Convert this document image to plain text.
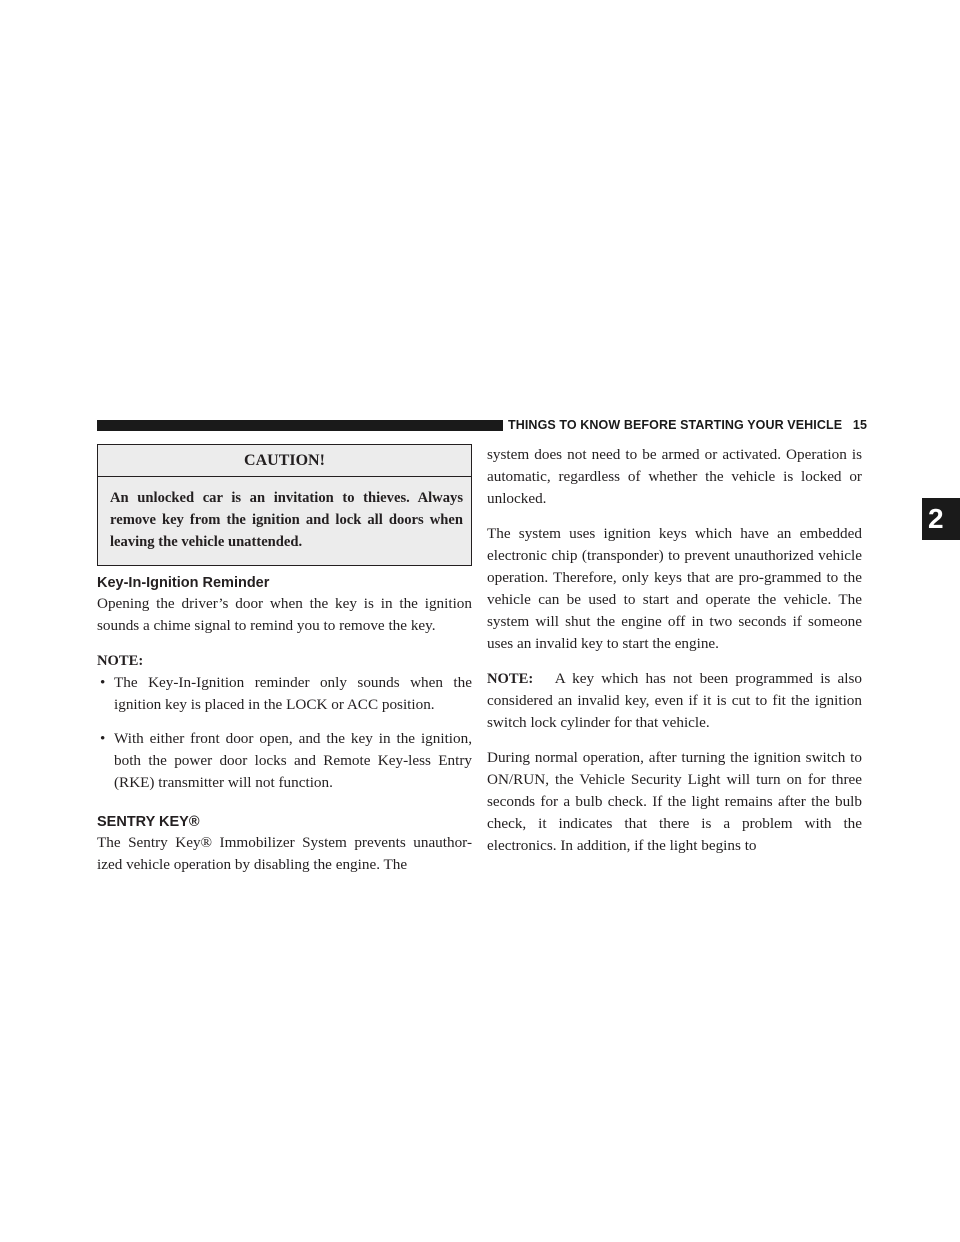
THINGS TO KNOW BEFORE STARTING YOUR VEHICLE 15
2
CAUTION!
An unlocked car is an invitation to thieves. Always remove key from the ignition and lock all doors when leaving the vehicle unattended.
Key-In-Ignition Reminder

Opening the driver’s door when the key is in the ignition sounds a chime signal to remind you to remove the key.

NOTE:
• The Key-In-Ignition reminder only sounds when the ignition key is placed in the LOCK or ACC position.
• With either front door open, and the key in the ignition, both the power door locks and Remote Key-less Entry (RKE) transmitter will not function.
SENTRY KEY®

The Sentry Key® Immobilizer System prevents unauthor-ized vehicle operation by disabling the engine. The

system does not need to be armed or activated. Operation is automatic, regardless of whether the vehicle is locked or unlocked.

The system uses ignition keys which have an embedded electronic chip (transponder) to prevent unauthorized vehicle operation. Therefore, only keys that are pro-grammed to the vehicle can be used to start and operate the vehicle. The system will shut the engine off in two seconds if someone uses an invalid key to start the engine.

NOTE: A key which has not been programmed is also considered an invalid key, even if it is cut to fit the ignition switch lock cylinder for that vehicle.

During normal operation, after turning the ignition switch to ON/RUN, the Vehicle Security Light will turn on for three seconds for a bulb check. If the light remains after the bulb check, it indicates that there is a problem with the electronics. In addition, if the light begins to
